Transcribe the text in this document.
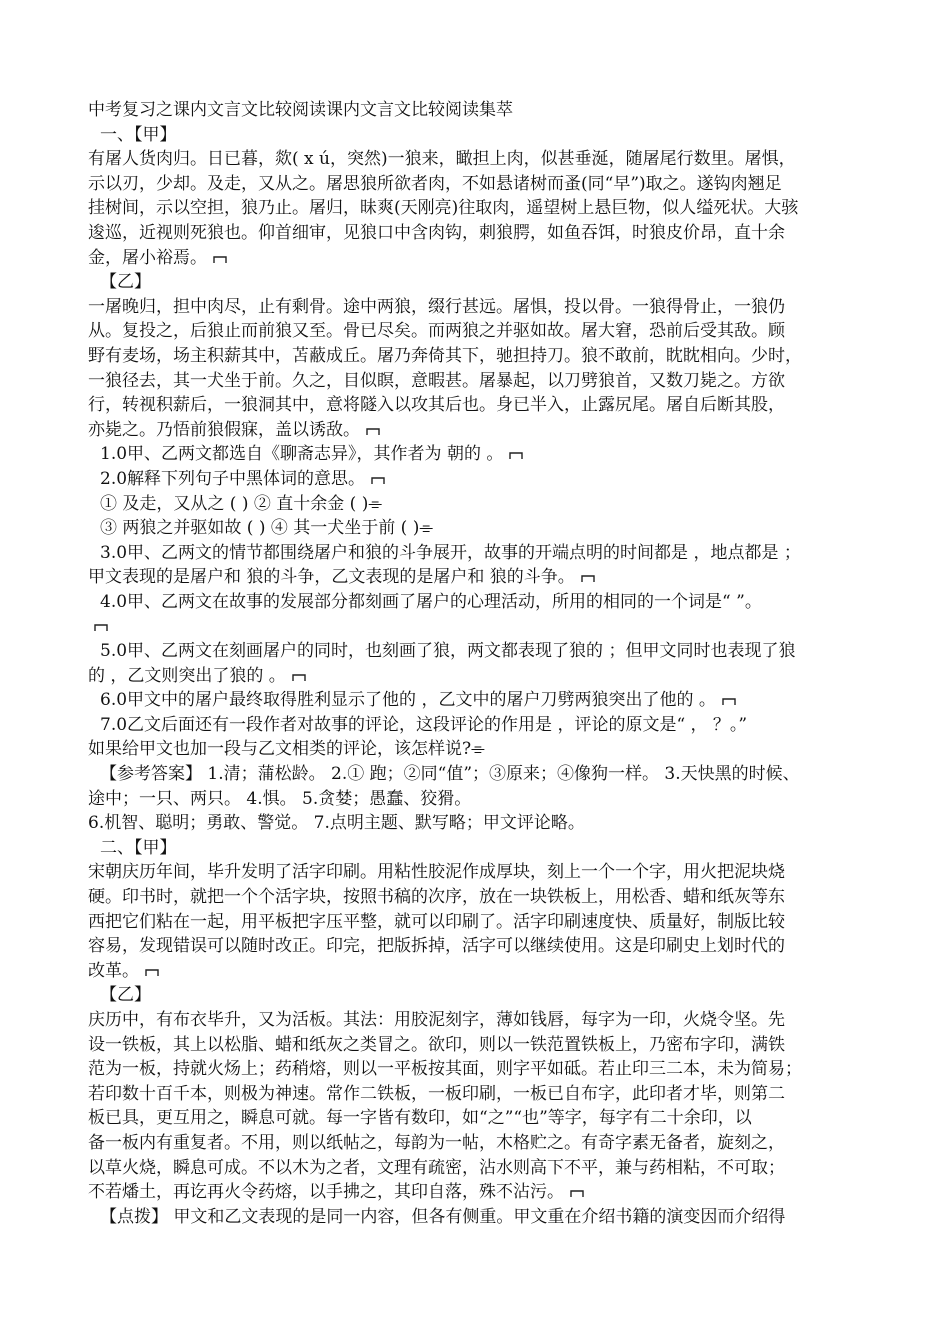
中考复习之课内文言文比较阅读课内文言文比较阅读集萃
一、【甲】
有屠人货肉归。日已暮，欻( x ú，突然)一狼来，瞰担上肉，似甚垂涎，随屠尾行数里。屠惧，
示以刃，少却。及走，又从之。屠思狼所欲者肉，不如悬诸树而蚤(同“早”)取之。遂钩肉翘足
挂树间，示以空担，狼乃止。屠归，昧爽(天刚亮)往取肉，遥望树上悬巨物，似人缢死状。大骇
逡巡，近视则死狼也。仰首细审，见狼口中含肉钩，刺狼腭，如鱼吞饵，时狼皮价昂，直十余
金，屠小裕焉。
【乙】
一屠晚归，担中肉尽，止有剩骨。途中两狼，缀行甚远。屠惧，投以骨。一狼得骨止，一狼仍
从。复投之，后狼止而前狼又至。骨已尽矣。而两狼之并驱如故。屠大窘，恐前后受其敌。顾
野有麦场，场主积薪其中，苫蔽成丘。屠乃奔倚其下，驰担持刀。狼不敢前，眈眈相向。少时，
一狼径去，其一犬坐于前。久之，目似瞑，意暇甚。屠暴起，以刀劈狼首，又数刀毙之。方欲
行，转视积薪后，一狼洞其中，意将隧入以攻其后也。身已半入，止露尻尾。屠自后断其股，
亦毙之。乃悟前狼假寐，盖以诱敌。
1.0甲、乙两文都选自《聊斋志异》，其作者为 朝的 。
2.0解释下列句子中黑体词的意思。
① 及走，又从之 ( ) ② 直十余金 ( )⌯
③ 两狼之并驱如故 ( ) ④ 其一犬坐于前 ( )⌯
3.0甲、乙两文的情节都围绕屠户和狼的斗争展开，故事的开端点明的时间都是 ，地点都是 ；
甲文表现的是屠户和 狼的斗争，乙文表现的是屠户和 狼的斗争。
4.0甲、乙两文在故事的发展部分都刻画了屠户的心理活动，所用的相同的一个词是“ ”。
5.0甲、乙两文在刻画屠户的同时，也刻画了狼，两文都表现了狼的 ；但甲文同时也表现了狼
的 ，乙文则突出了狼的 。
6.0甲文中的屠户最终取得胜利显示了他的 ，乙文中的屠户刀劈两狼突出了他的 。
7.0乙文后面还有一段作者对故事的评论，这段评论的作用是 ，评论的原文是“ ， ？。”
如果给甲文也加一段与乙文相类的评论，该怎样说?⌯
【参考答案】 1.清；蒲松龄。 2.① 跑；②同“值”；③原来；④像狗一样。 3.天快黑的时候、
途中；一只、两只。 4.惧。 5.贪婪；愚蠢、狡猾。
6.机智、聪明；勇敢、警觉。 7.点明主题、默写略；甲文评论略。
二、【甲】
宋朝庆历年间，毕升发明了活字印刷。用粘性胶泥作成厚块，刻上一个一个字，用火把泥块烧
硬。印书时，就把一个个活字块，按照书稿的次序，放在一块铁板上，用松香、蜡和纸灰等东
西把它们粘在一起，用平板把字压平整，就可以印刷了。活字印刷速度快、质量好，制版比较
容易，发现错误可以随时改正。印完，把版拆掉，活字可以继续使用。这是印刷史上划时代的
改革。
【乙】
庆历中，有布衣毕升，又为活板。其法：用胶泥刻字，薄如钱唇，每字为一印，火烧令坚。先
设一铁板，其上以松脂、蜡和纸灰之类冒之。欲印，则以一铁范置铁板上，乃密布字印，满铁
范为一板，持就火炀上；药稍熔，则以一平板按其面，则字平如砥。若止印三二本，未为简易；
若印数十百千本，则极为神速。常作二铁板，一板印刷，一板已自布字，此印者才毕，则第二
板已具，更互用之，瞬息可就。每一字皆有数印，如“之”“也”等字，每字有二十余印，以
备一板内有重复者。不用，则以纸帖之，每韵为一帖，木格贮之。有奇字素无备者，旋刻之，
以草火烧，瞬息可成。不以木为之者，文理有疏密，沾水则高下不平，兼与药相粘，不可取；
不若燔土，再讫再火令药熔，以手拂之，其印自落，殊不沾污。
【点拨】 甲文和乙文表现的是同一内容，但各有侧重。甲文重在介绍书籍的演变因而介绍得
